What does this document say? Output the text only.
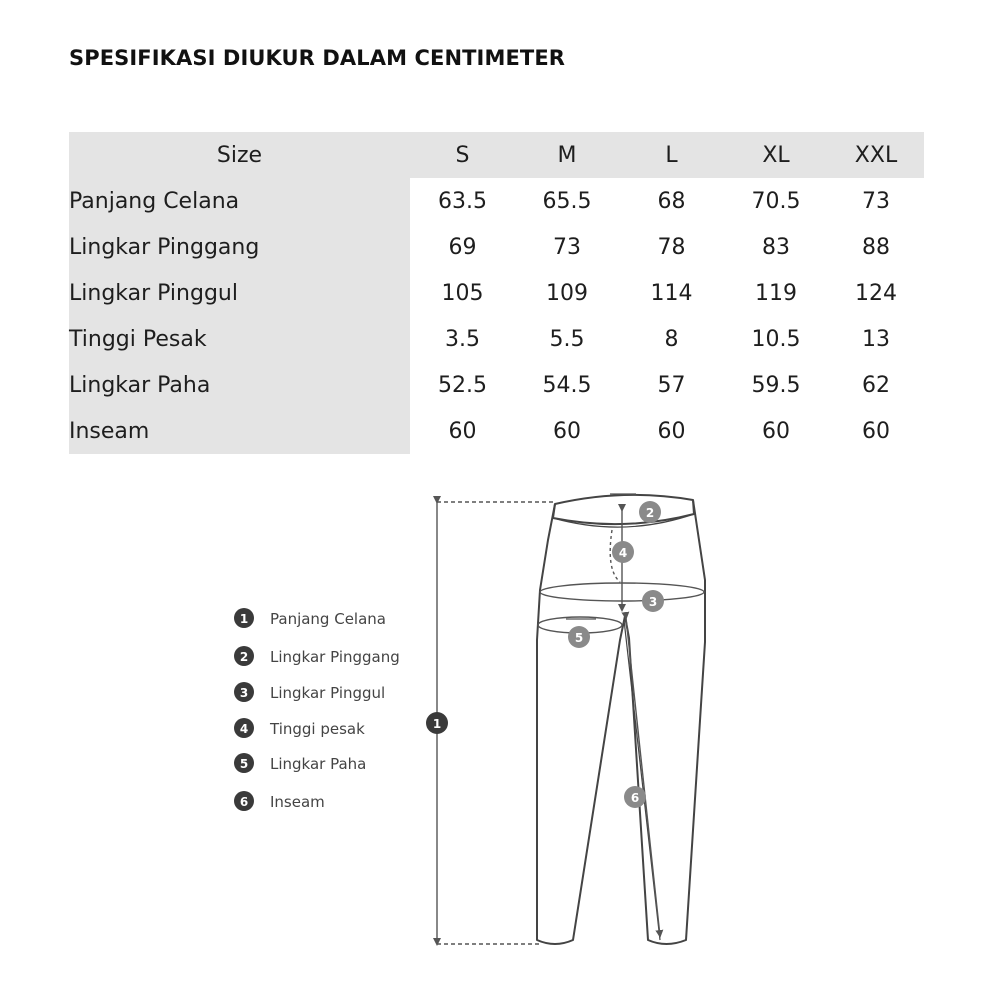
SPESIFIKASI DIUKUR DALAM CENTIMETER
Size	S	M	L	XL	XXL
Panjang Celana	63.5	65.5	68	70.5	73
Lingkar Pinggang	69	73	78	83	88
Lingkar Pinggul	105	109	114	119	124
Tinggi Pesak	3.5	5.5	8	10.5	13
Lingkar Paha	52.5	54.5	57	59.5	62
Inseam	60	60	60	60	60
1 Panjang Celana
2 Lingkar Pinggang
3 Lingkar Pinggul
4 Tinggi pesak
5 Lingkar Paha
6 Inseam
1
2
3
4
5
6
